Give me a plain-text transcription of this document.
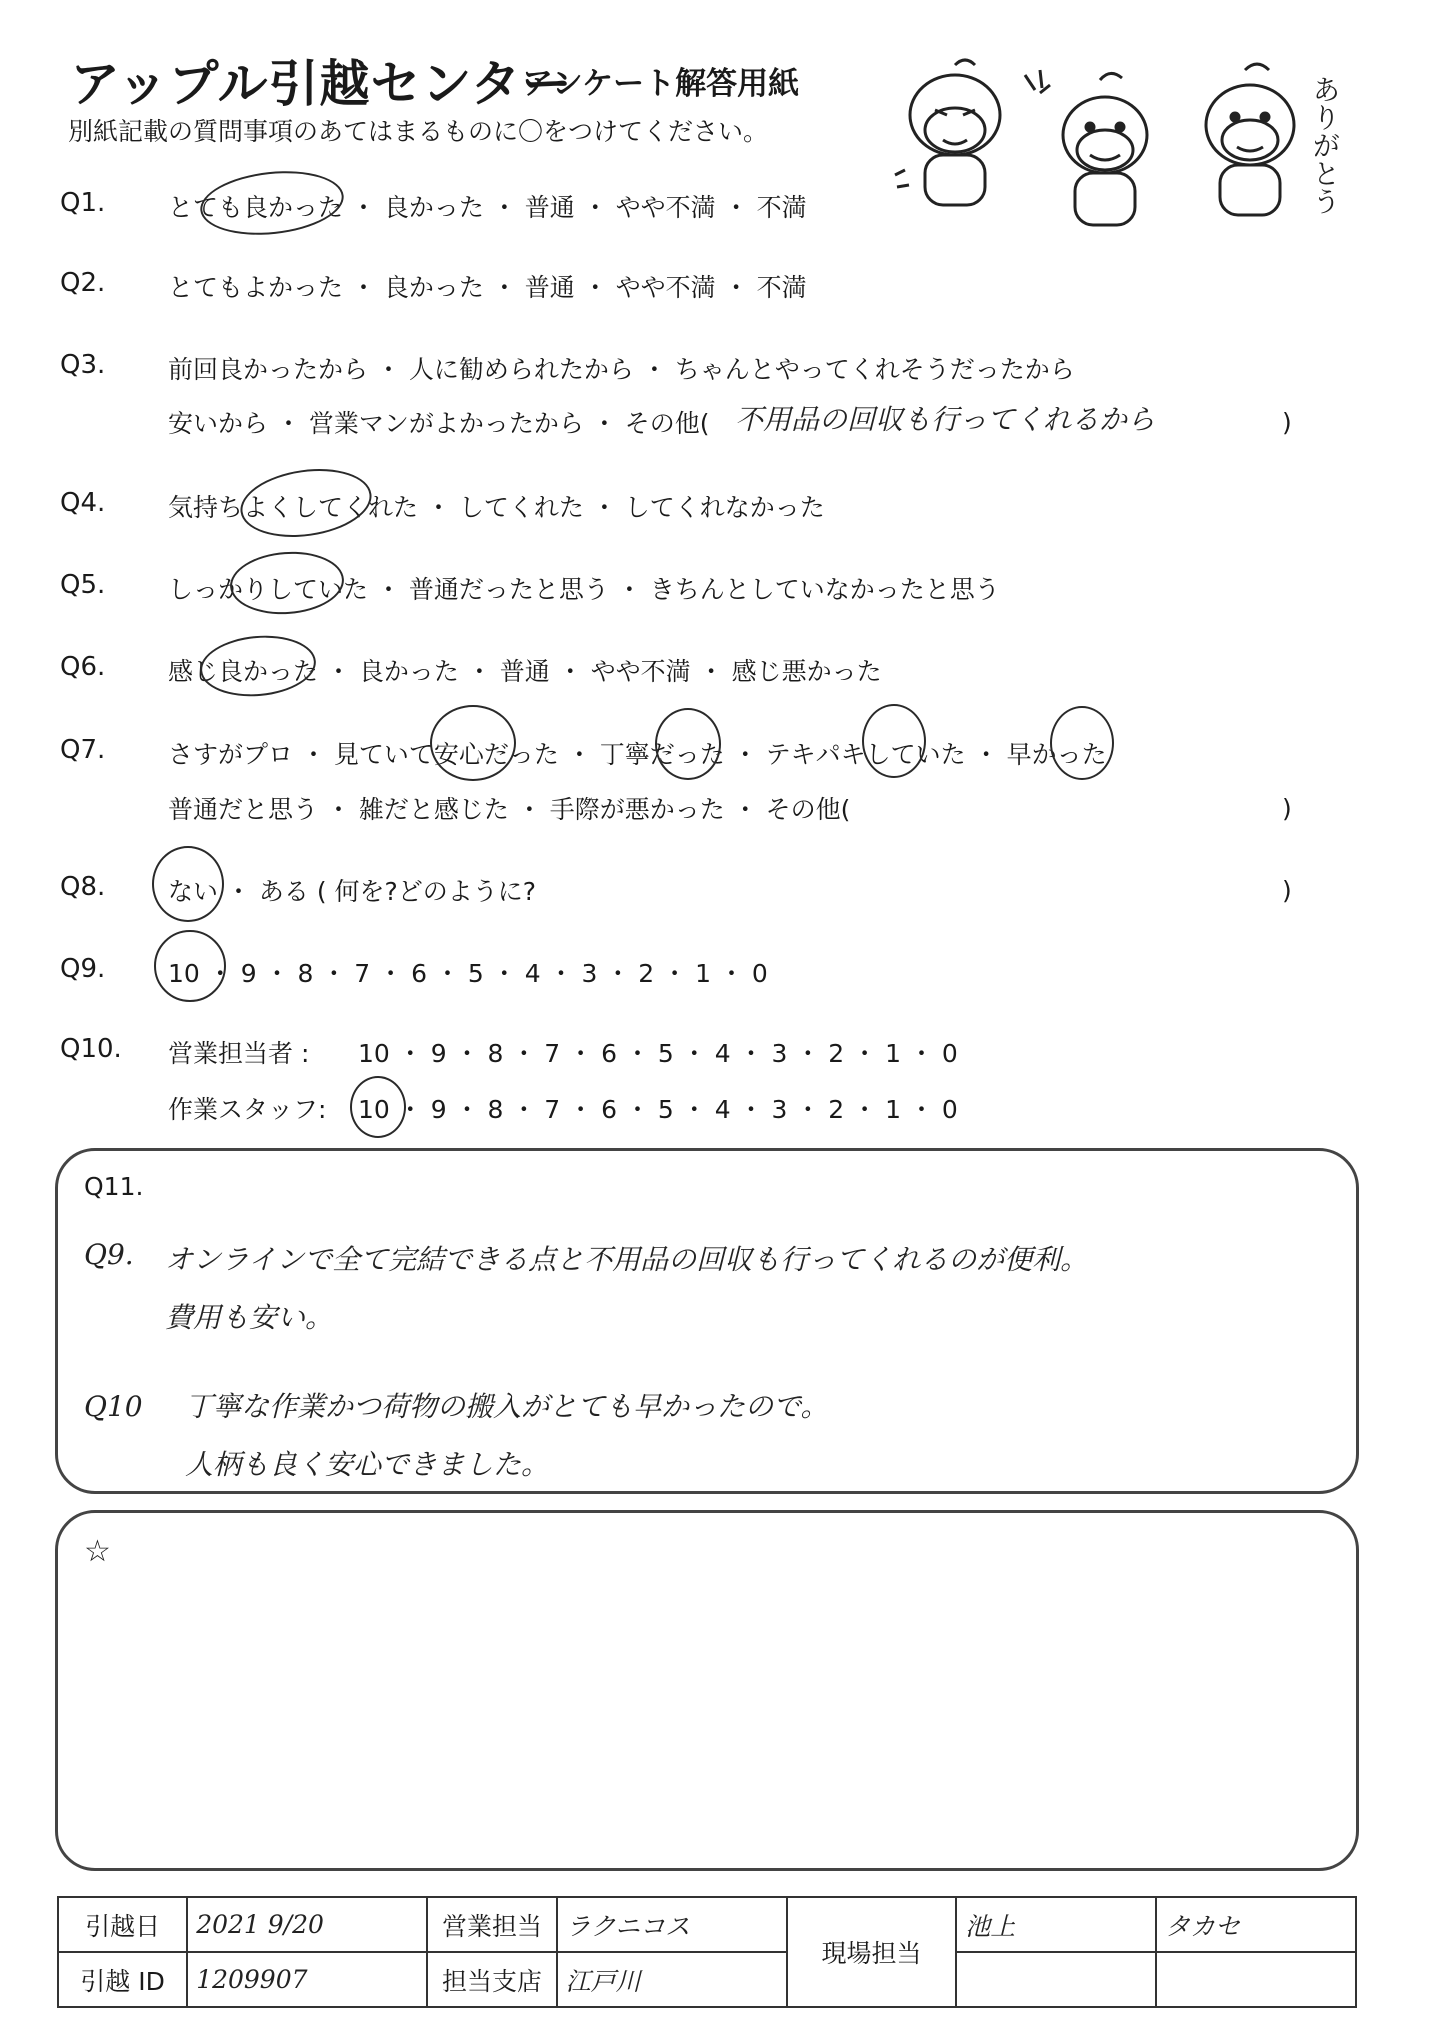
アップル引越センター
アンケート解答用紙
別紙記載の質問事項のあてはまるものに〇をつけてください。	ありがとう
Q1.	とても良かった ・ 良かった ・ 普通 ・ やや不満 ・ 不満
Q2.	とてもよかった ・ 良かった ・ 普通 ・ やや不満 ・ 不満
Q3.	前回良かったから ・ 人に勧められたから ・ ちゃんとやってくれそうだったから
安いから ・ 営業マンがよかったから ・ その他( 不用品の回収も行ってくれるから	)
Q4.	気持ちよくしてくれた ・ してくれた ・ してくれなかった
Q5.	しっかりしていた ・ 普通だったと思う ・ きちんとしていなかったと思う
Q6.	感じ良かった ・ 良かった ・ 普通 ・ やや不満 ・ 感じ悪かった
Q7.	さすがプロ ・ 見ていて安心だった ・ 丁寧だった ・ テキパキしていた ・ 早かった
普通だと思う ・ 雑だと感じた ・ 手際が悪かった ・ その他(	)
Q8.	ない ・ ある ( 何を?どのように?	)
Q9.	10 ・ 9 ・ 8 ・ 7 ・ 6 ・ 5 ・ 4 ・ 3 ・ 2 ・ 1 ・ 0
Q10. 営業担当者 : 10 ・ 9 ・ 8 ・ 7 ・ 6 ・ 5 ・ 4 ・ 3 ・ 2 ・ 1 ・ 0
作業スタッフ: 10 ・ 9 ・ 8 ・ 7 ・ 6 ・ 5 ・ 4 ・ 3 ・ 2 ・ 1 ・ 0
Q11.
Q9. オンラインで全て完結できる点と不用品の回収も行ってくれるのが便利。
費用も安い。
Q10 丁寧な作業かつ荷物の搬入がとても早かったので。
人柄も良く安心できました。
☆
引越日	2021 9/20	営業担当	ラクニコス	現場担当	池上	タカセ
引越 ID	1209907	担当支店	江戸川			
